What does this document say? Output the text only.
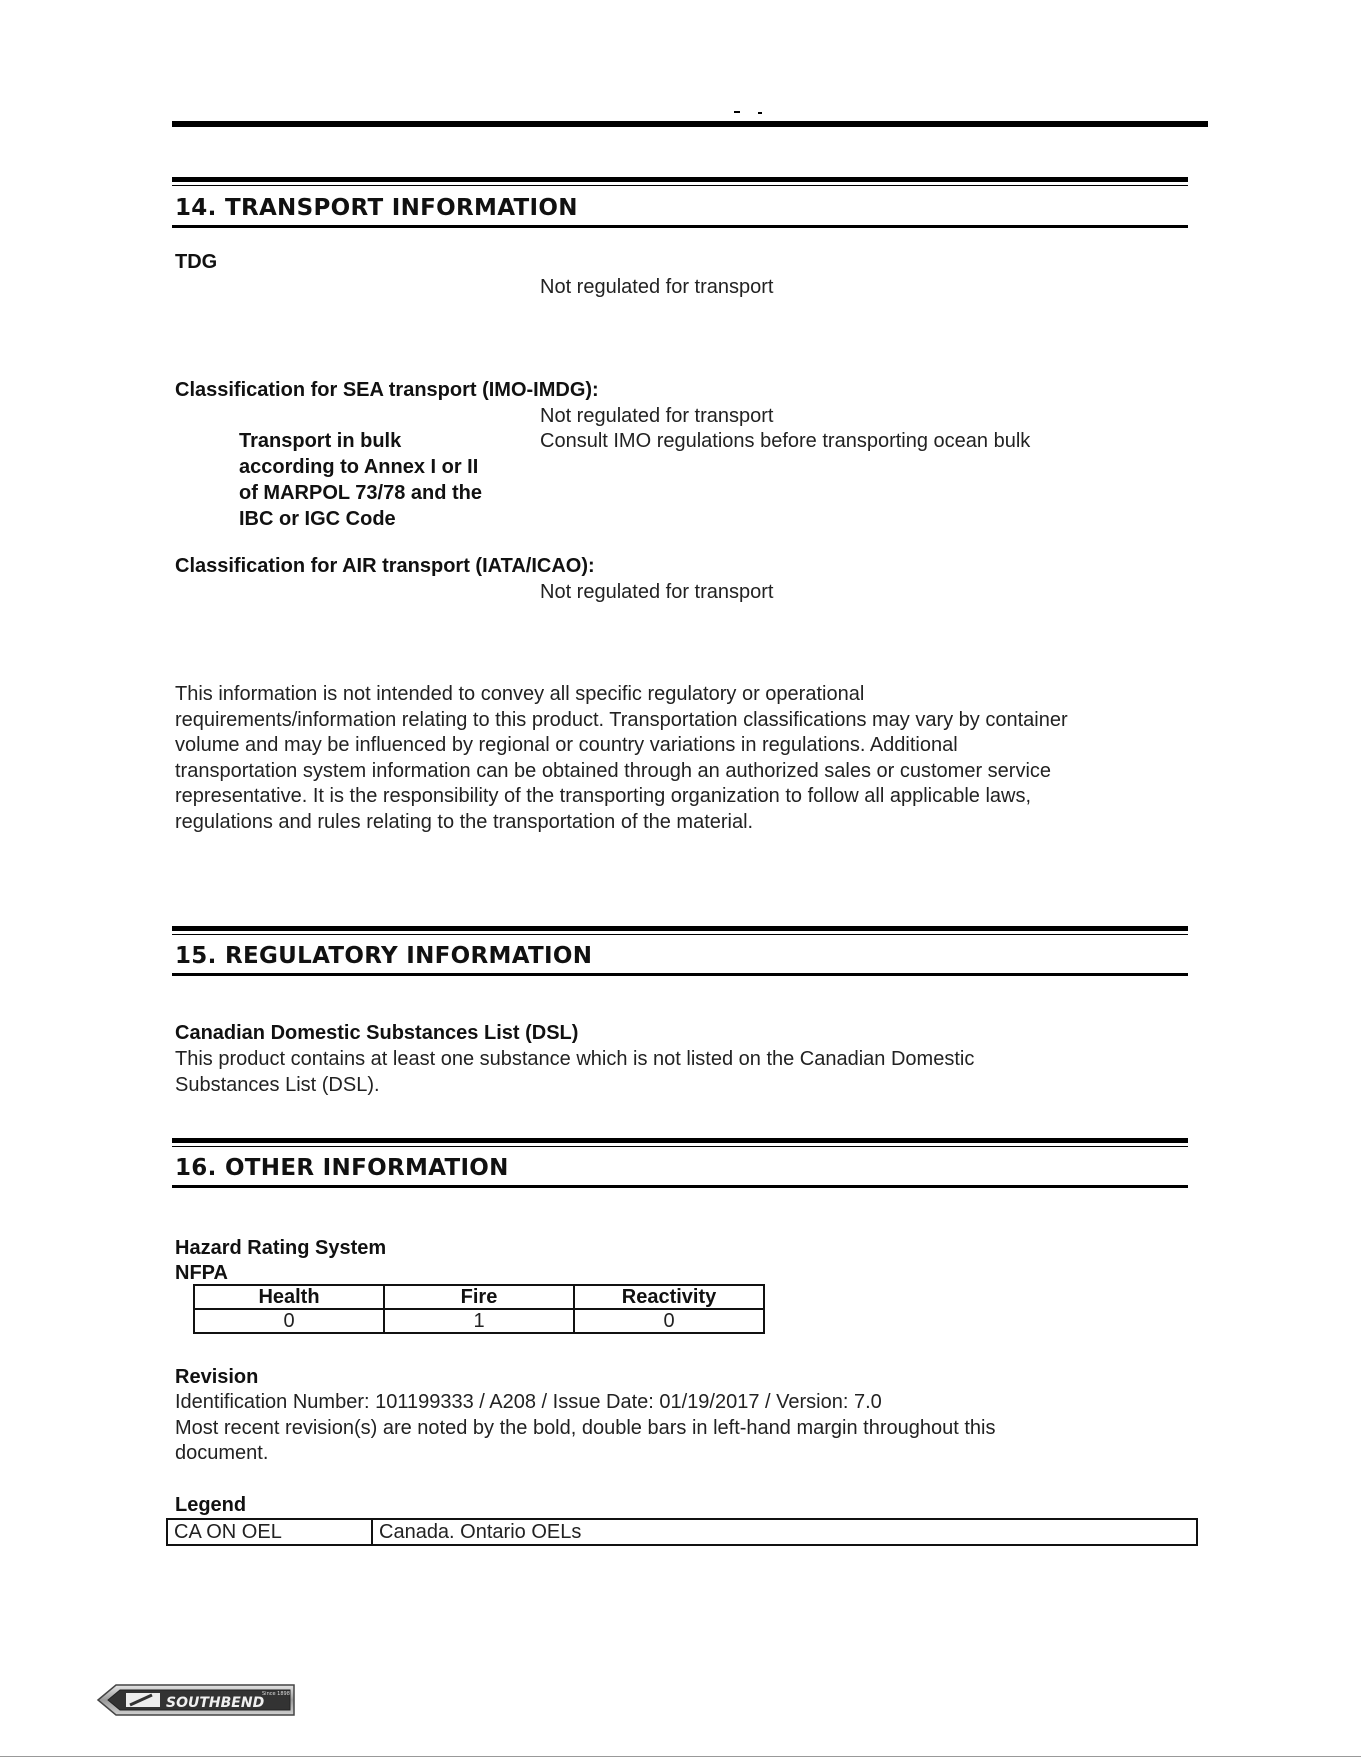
14. TRANSPORT INFORMATION
TDG
Not regulated for transport
Classification for SEA transport (IMO-IMDG):
Not regulated for transport
Transport in bulk
according to Annex I or II
of MARPOL 73/78 and the
IBC or IGC Code
Consult IMO regulations before transporting ocean bulk
Classification for AIR transport (IATA/ICAO):
Not regulated for transport
This information is not intended to convey all specific regulatory or operational
requirements/information relating to this product. Transportation classifications may vary by container
volume and may be influenced by regional or country variations in regulations. Additional
transportation system information can be obtained through an authorized sales or customer service
representative. It is the responsibility of the transporting organization to follow all applicable laws,
regulations and rules relating to the transportation of the material.
15. REGULATORY INFORMATION
Canadian Domestic Substances List (DSL)
This product contains at least one substance which is not listed on the Canadian Domestic
Substances List (DSL).
16. OTHER INFORMATION
Hazard Rating System
NFPA
Health	Fire	Reactivity
0	1	0
Revision
Identification Number: 101199333 / A208 / Issue Date: 01/19/2017 / Version: 7.0
Most recent revision(s) are noted by the bold, double bars in left-hand margin throughout this
document.
Legend
CA ON OEL	Canada. Ontario OELs
SOUTHBEND
Since 1898
